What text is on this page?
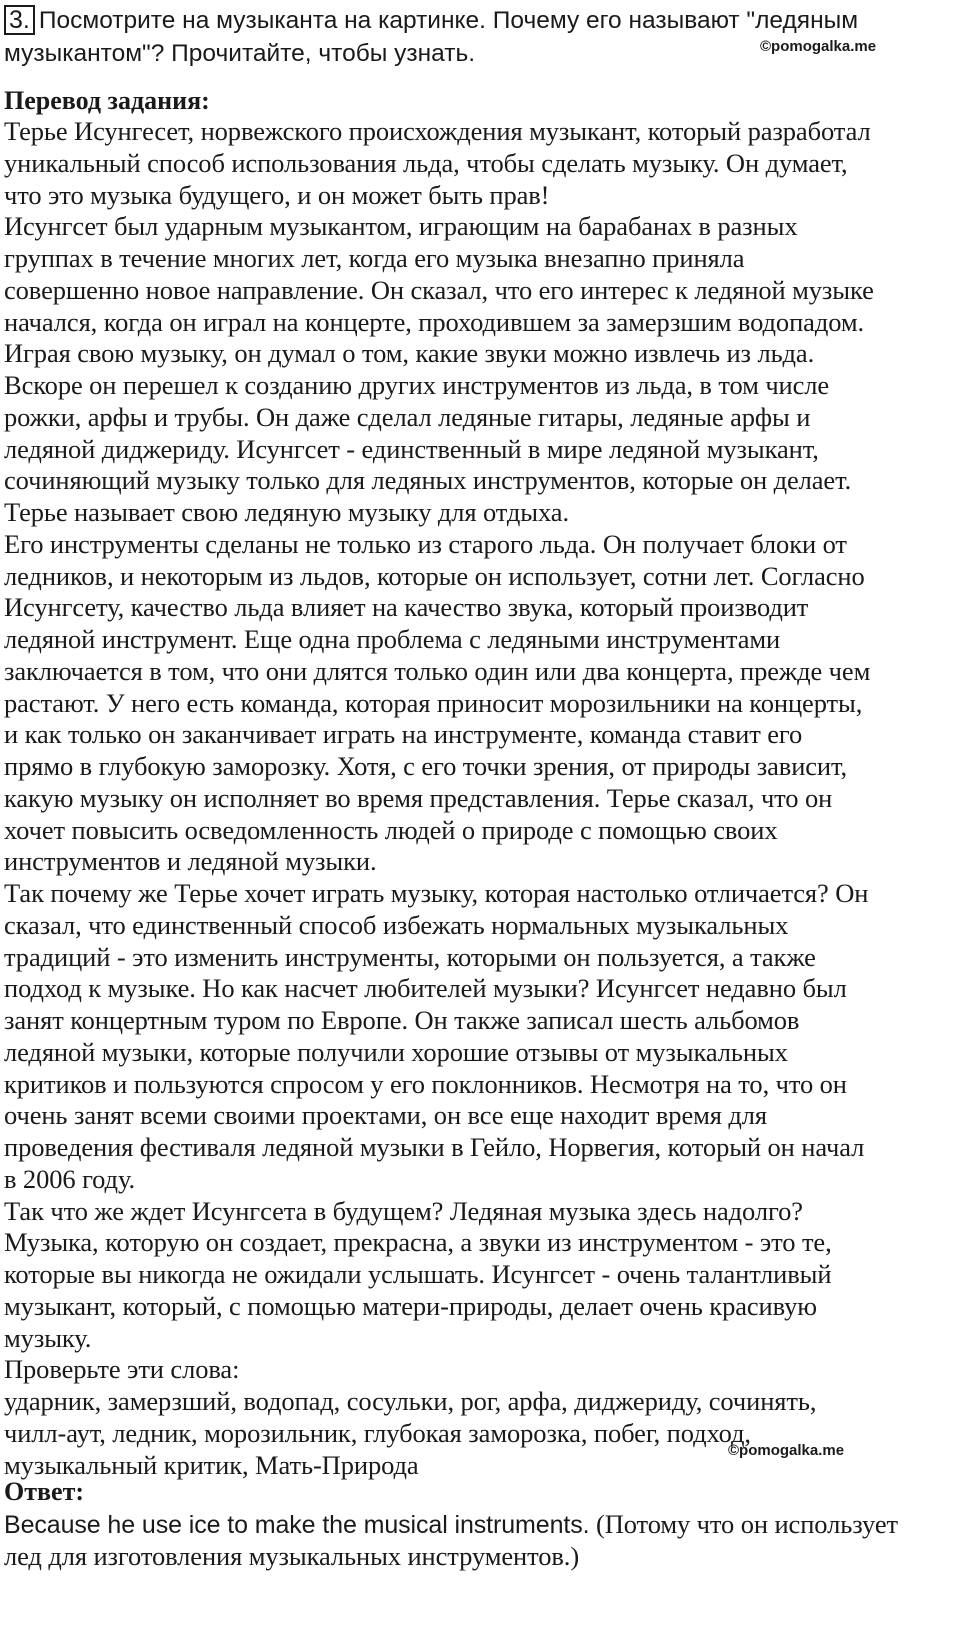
3. Посмотрите на музыканта на картинке. Почему его называют "ледяным
музыкантом"? Прочитайте, чтобы узнать.	©pomogalka.me
Перевод задания:
Терье Исунгесет, норвежского происхождения музыкант, который разработал
уникальный способ использования льда, чтобы сделать музыку. Он думает,
что это музыка будущего, и он может быть прав!
Исунгсет был ударным музыкантом, играющим на барабанах в разных
группах в течение многих лет, когда его музыка внезапно приняла
совершенно новое направление. Он сказал, что его интерес к ледяной музыке
начался, когда он играл на концерте, проходившем за замерзшим водопадом.
Играя свою музыку, он думал о том, какие звуки можно извлечь из льда.
Вскоре он перешел к созданию других инструментов из льда, в том числе
рожки, арфы и трубы. Он даже сделал ледяные гитары, ледяные арфы и
ледяной диджериду. Исунгсет - единственный в мире ледяной музыкант,
сочиняющий музыку только для ледяных инструментов, которые он делает.
Терье называет свою ледяную музыку для отдыха.
Его инструменты сделаны не только из старого льда. Он получает блоки от
ледников, и некоторым из льдов, которые он использует, сотни лет. Согласно
Исунгсету, качество льда влияет на качество звука, который производит
ледяной инструмент. Еще одна проблема с ледяными инструментами
заключается в том, что они длятся только один или два концерта, прежде чем
растают. У него есть команда, которая приносит морозильники на концерты,
и как только он заканчивает играть на инструменте, команда ставит его
прямо в глубокую заморозку. Хотя, с его точки зрения, от природы зависит,
какую музыку он исполняет во время представления. Терье сказал, что он
хочет повысить осведомленность людей о природе с помощью своих
инструментов и ледяной музыки.
Так почему же Терье хочет играть музыку, которая настолько отличается? Он
сказал, что единственный способ избежать нормальных музыкальных
традиций - это изменить инструменты, которыми он пользуется, а также
подход к музыке. Но как насчет любителей музыки? Исунгсет недавно был
занят концертным туром по Европе. Он также записал шесть альбомов
ледяной музыки, которые получили хорошие отзывы от музыкальных
критиков и пользуются спросом у его поклонников. Несмотря на то, что он
очень занят всеми своими проектами, он все еще находит время для
проведения фестиваля ледяной музыки в Гейло, Норвегия, который он начал
в 2006 году.
Так что же ждет Исунгсета в будущем? Ледяная музыка здесь надолго?
Музыка, которую он создает, прекрасна, а звуки из инструментом - это те,
которые вы никогда не ожидали услышать. Исунгсет - очень талантливый
музыкант, который, с помощью матери-природы, делает очень красивую
музыку.
Проверьте эти слова:
ударник, замерзший, водопад, сосульки, рог, арфа, диджериду, сочинять,
чилл-аут, ледник, морозильник, глубокая заморозка, побег, подход,
музыкальный критик, Мать-Природа	©pomogalka.me
Ответ:
Because he use ice to make the musical instruments. (Потому что он использует
лед для изготовления музыкальных инструментов.)
